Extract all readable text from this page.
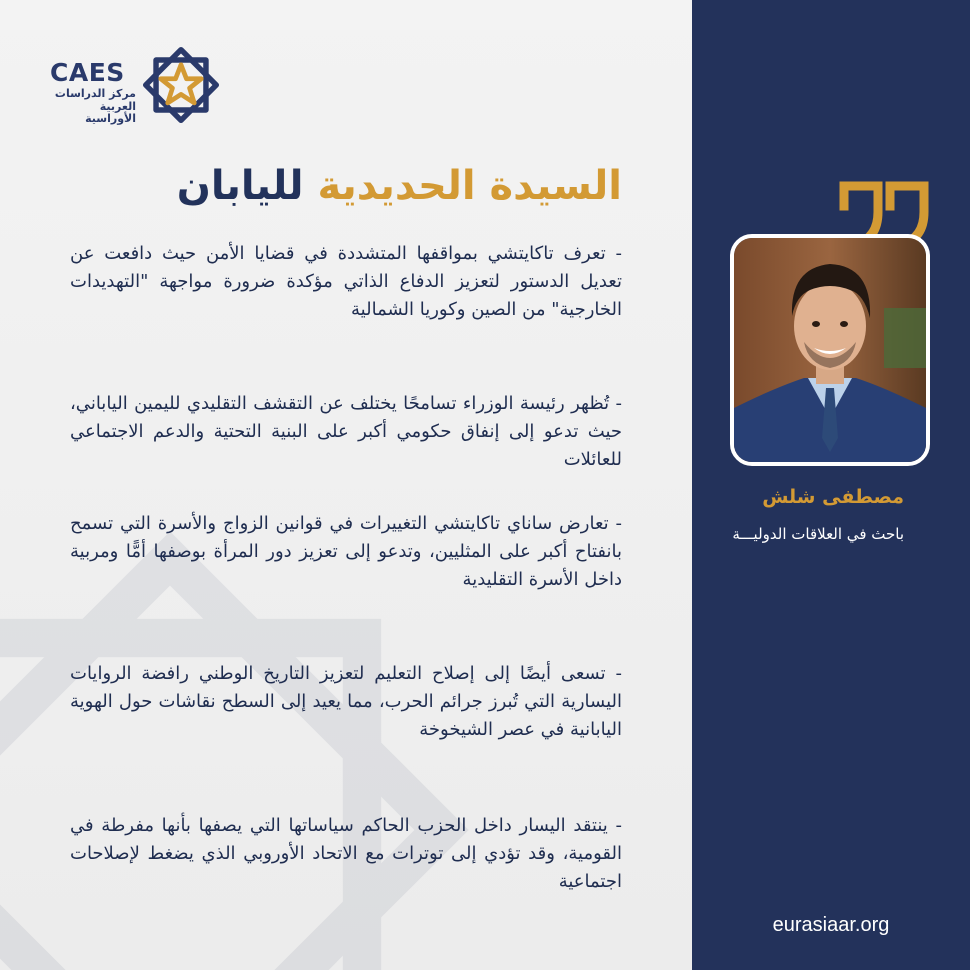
CAES
مركز الدراسات
العربية الأوراسية
السيدة الحديدية لليابان
- تعرف تاكايتشي بمواقفها المتشددة في قضايا الأمن حيث دافعت عن تعديل الدستور لتعزيز الدفاع الذاتي مؤكدة ضرورة مواجهة "التهديدات الخارجية" من الصين وكوريا الشمالية
- تُظهر رئيسة الوزراء تسامحًا يختلف عن التقشف التقليدي لليمين الياباني، حيث تدعو إلى إنفاق حكومي أكبر على البنية التحتية والدعم الاجتماعي للعائلات
- تعارض ساناي تاكايتشي التغييرات في قوانين الزواج والأسرة التي تسمح بانفتاح أكبر على المثليين، وتدعو إلى تعزيز دور المرأة بوصفها أمًّا ومربية داخل الأسرة التقليدية
- تسعى أيضًا إلى إصلاح التعليم لتعزيز التاريخ الوطني رافضة الروايات اليسارية التي تُبرز جرائم الحرب، مما يعيد إلى السطح نقاشات حول الهوية اليابانية في عصر الشيخوخة
- ينتقد اليسار داخل الحزب الحاكم سياساتها التي يصفها بأنها مفرطة في القومية، وقد تؤدي إلى توترات مع الاتحاد الأوروبي الذي يضغط لإصلاحات اجتماعية
مصطفى شلش
باحث في العلاقات الدوليـــة
eurasiaar.org
